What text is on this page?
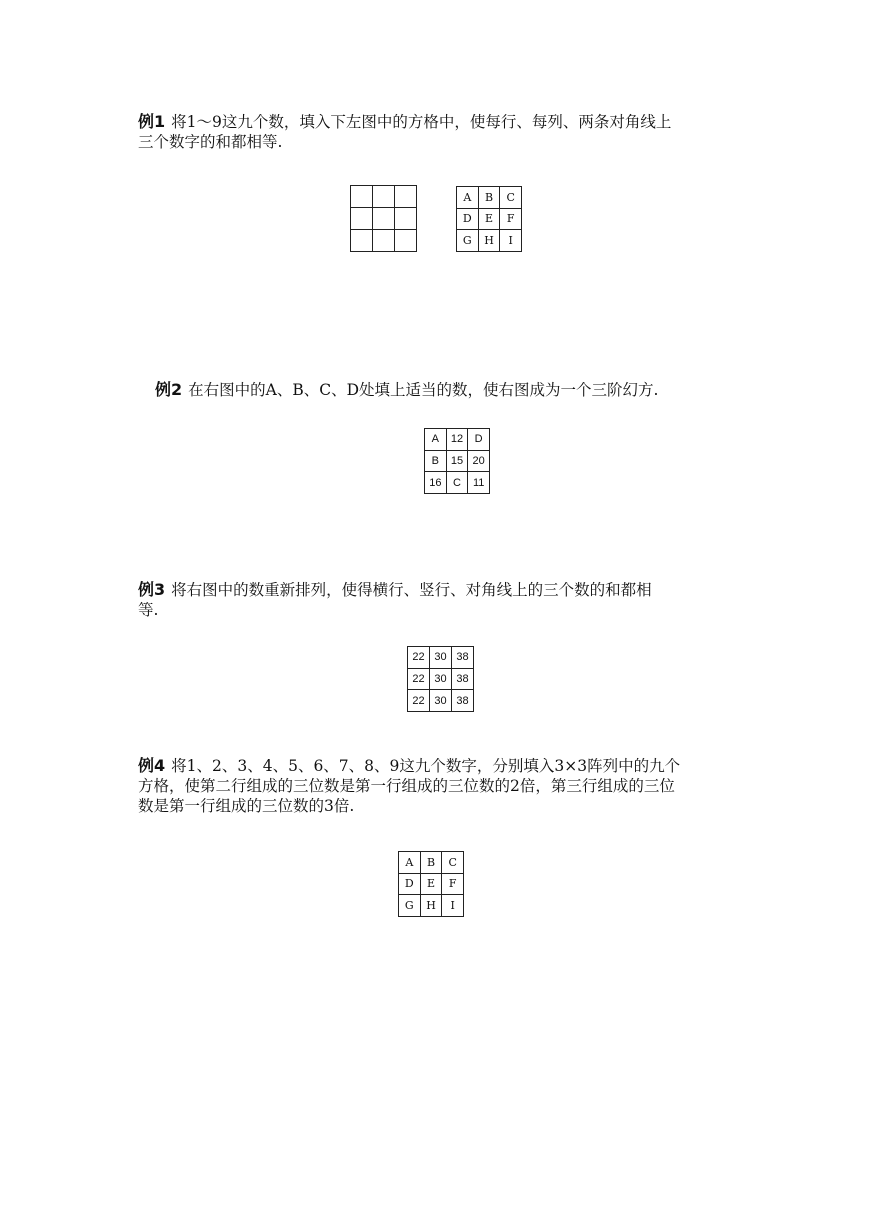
例1 将1～9这九个数，填入下左图中的方格中，使每行、每列、两条对角线上
三个数字的和都相等.

A	B	C
D	E	F
G	H	I
例2 在右图中的A、B、C、D处填上适当的数，使右图成为一个三阶幻方.
A	12	D
B	15	20
16	C	11
例3 将右图中的数重新排列，使得横行、竖行、对角线上的三个数的和都相
等.
22	30	38
22	30	38
22	30	38
例4 将1、2、3、4、5、6、7、8、9这九个数字，分别填入3×3阵列中的九个
方格，使第二行组成的三位数是第一行组成的三位数的2倍，第三行组成的三位
数是第一行组成的三位数的3倍.
A	B	C
D	E	F
G	H	I
